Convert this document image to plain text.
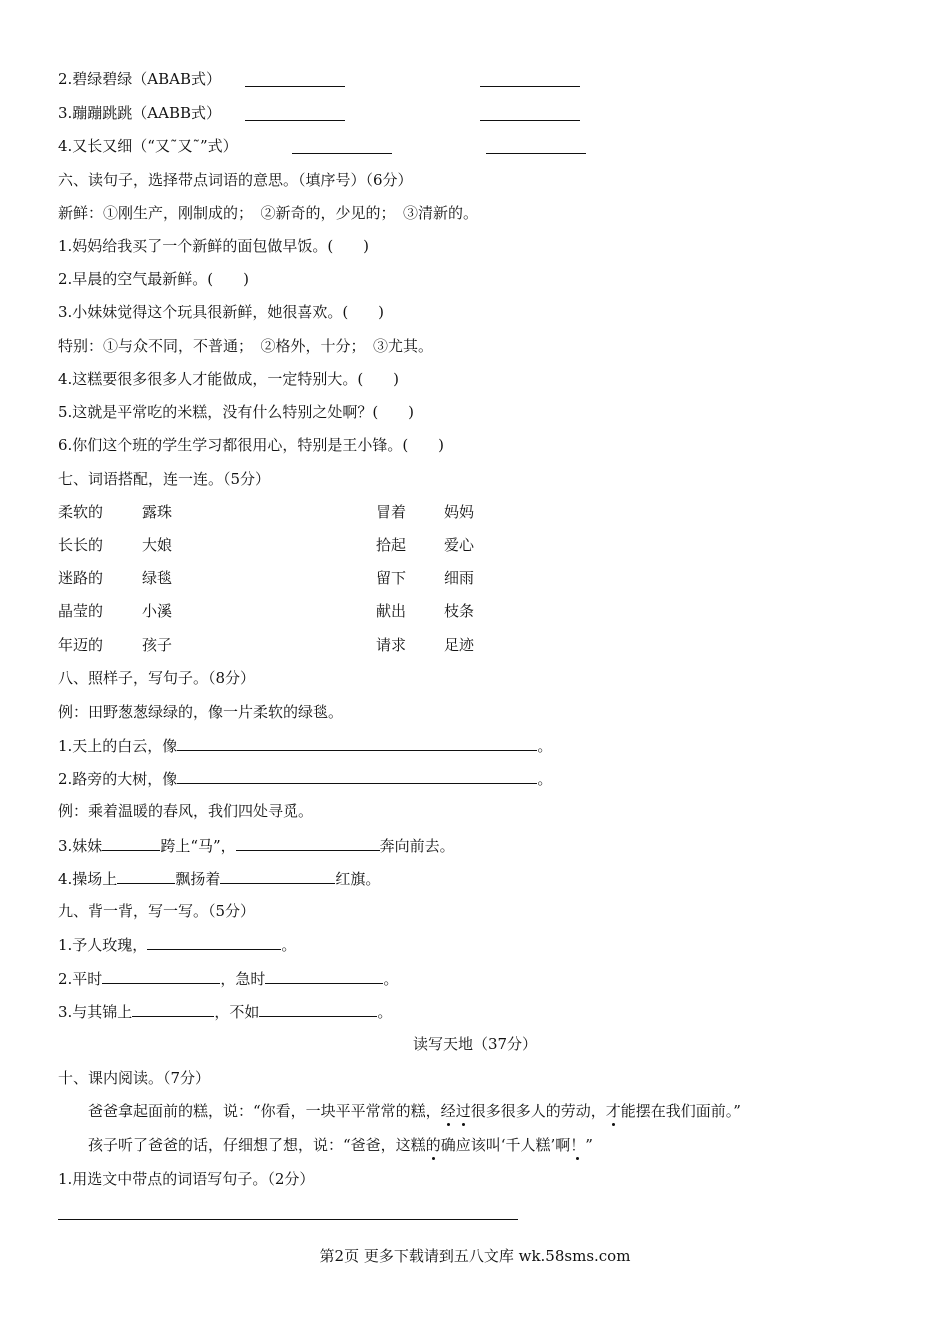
2.碧绿碧绿（ABAB式）
3.蹦蹦跳跳（AABB式）
4.又长又细（“又˜又˜”式）
六、读句子，选择带点词语的意思。（填序号）（6分）
新鲜：①刚生产，刚制成的；　②新奇的，少见的；　③清新的。
1.妈妈给我买了一个新鲜的面包做早饭。(　　)
2.早晨的空气最新鲜。(　　)
3.小妹妹觉得这个玩具很新鲜，她很喜欢。(　　)
特别：①与众不同，不普通；　②格外，十分；　③尤其。
4.这糕要很多很多人才能做成，一定特别大。(　　)
5.这就是平常吃的米糕，没有什么特别之处啊？(　　)
6.你们这个班的学生学习都很用心，特别是王小锋。(　　)
七、词语搭配，连一连。（5分）
柔软的	露珠	冒着	妈妈
长长的	大娘	拾起	爱心
迷路的	绿毯	留下	细雨
晶莹的	小溪	献出	枝条
年迈的	孩子	请求	足迹
八、照样子，写句子。（8分）
例：田野葱葱绿绿的，像一片柔软的绿毯。
1.天上的白云，像	。
2.路旁的大树，像	。
例：乘着温暖的春风，我们四处寻觅。
3.妹妹	跨上“马”，	奔向前去。
4.操场上	飘扬着	红旗。
九、背一背，写一写。（5分）
1.予人玫瑰，	。
2.平时	，急时	。
3.与其锦上	，不如	。
读写天地（37分）
十、课内阅读。（7分）
爸爸拿起面前的糕，说：“你看，一块平平常常的糕，经过很多很多人的劳动，才能摆在我们面前。”
孩子听了爸爸的话，仔细想了想，说：“爸爸，这糕的确应该叫‘千人糕’啊！”
1.用选文中带点的词语写句子。（2分）
第2页 更多下载请到五八文库 wk.58sms.com
